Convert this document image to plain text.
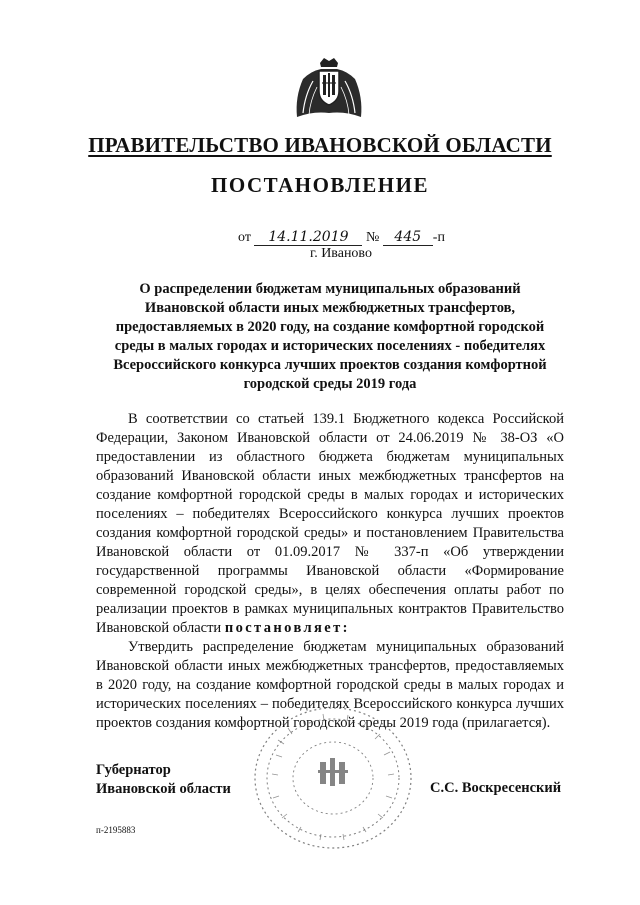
ПРАВИТЕЛЬСТВО ИВАНОВСКОЙ ОБЛАСТИ
ПОСТАНОВЛЕНИЕ
от 14.11.2019 № 445 -п
г. Иваново
О распределении бюджетам муниципальных образований
Ивановской области иных межбюджетных трансфертов,
предоставляемых в 2020 году, на создание комфортной городской
среды в малых городах и исторических поселениях - победителях
Всероссийского конкурса лучших проектов создания комфортной
городской среды 2019 года

В соответствии со статьей 139.1 Бюджетного кодекса Российской Федерации, Законом Ивановской области от 24.06.2019 № 38-ОЗ «О предоставлении из областного бюджета бюджетам муниципальных образований Ивановской области иных межбюджетных трансфертов на создание комфортной городской среды в малых городах и исторических поселениях – победителях Всероссийского конкурса лучших проектов создания комфортной городской среды» и постановлением Правительства Ивановской области от 01.09.2017 № 337-п «Об утверждении государственной программы Ивановской области «Формирование современной городской среды», в целях обеспечения оплаты работ по реализации проектов в рамках муниципальных контрактов Правительство Ивановской области постановляет:

Утвердить распределение бюджетам муниципальных образований Ивановской области иных межбюджетных трансфертов, предоставляемых в 2020 году, на создание комфортной городской среды в малых городах и исторических поселениях – победителях Всероссийского конкурса лучших проектов создания комфортной городской среды 2019 года (прилагается).

Губернатор
Ивановской области	С.С. Воскресенский
п-2195883
